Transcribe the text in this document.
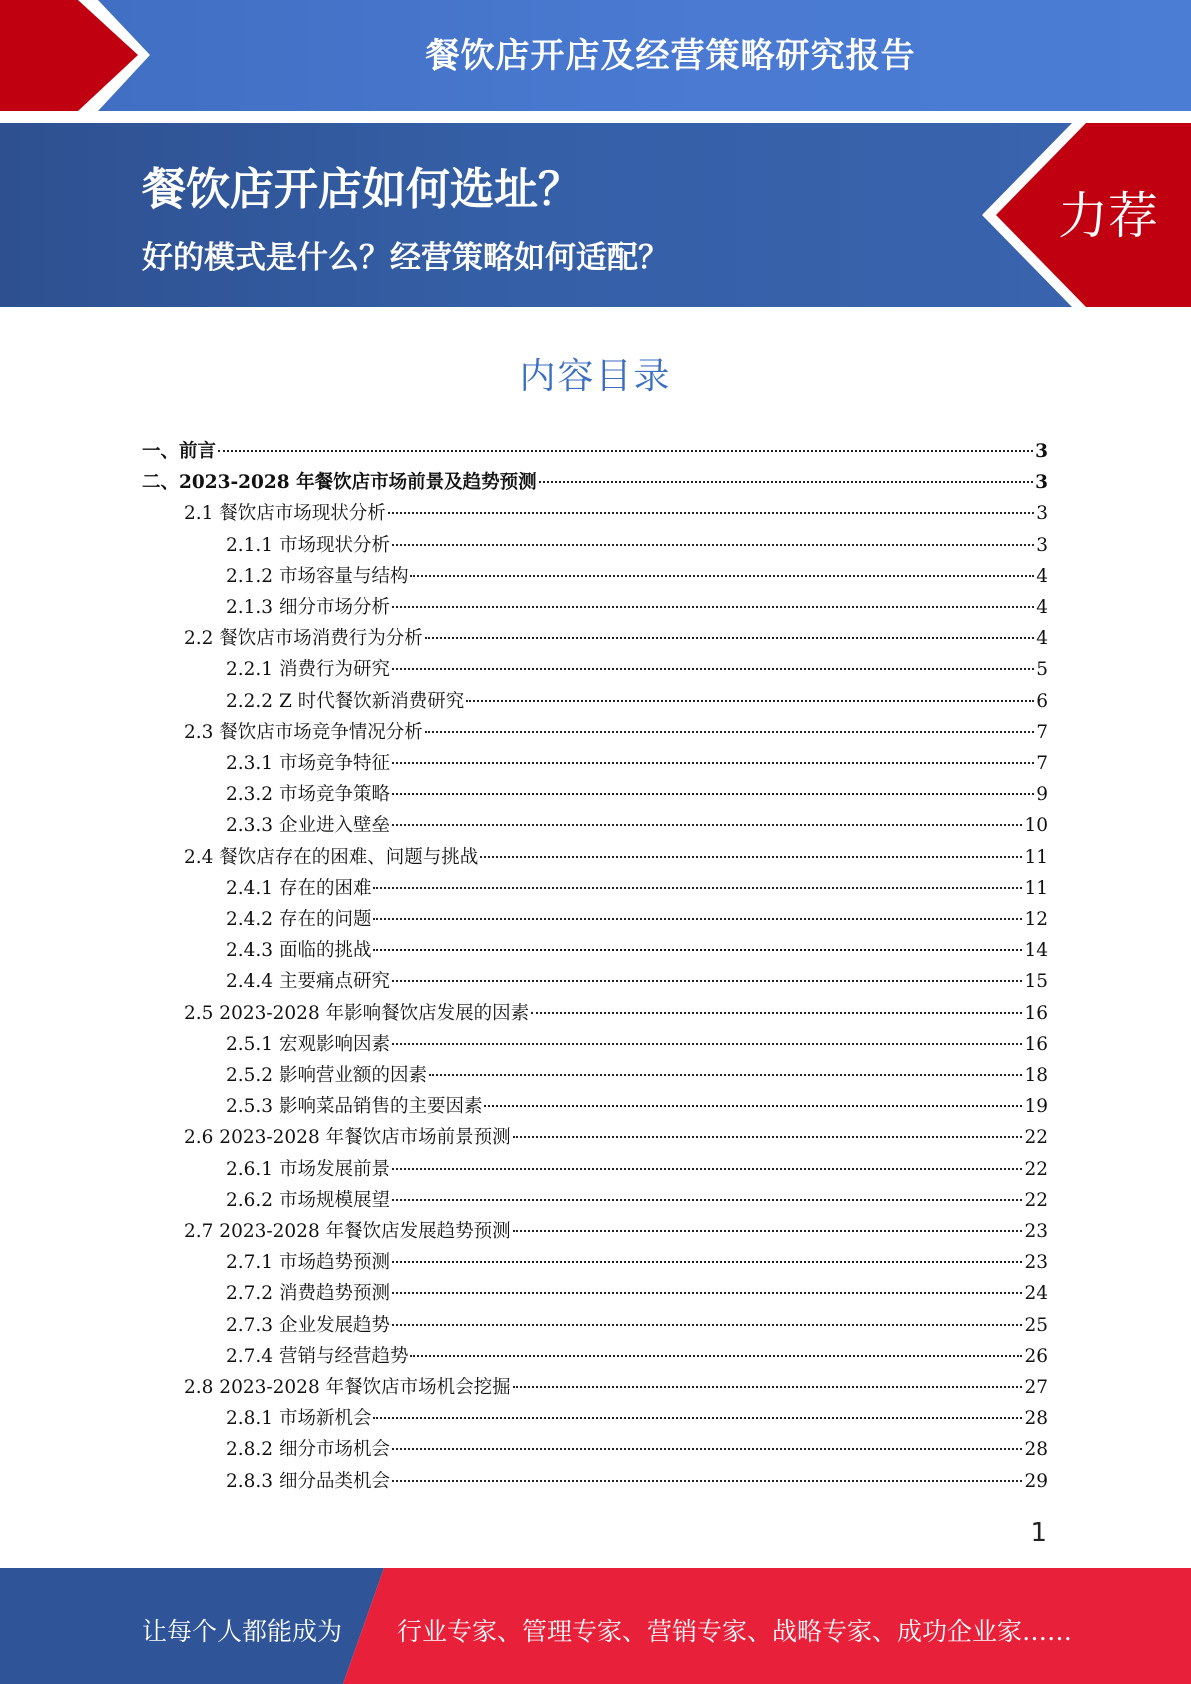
餐饮店开店及经营策略研究报告
餐饮店开店如何选址？
好的模式是什么？经营策略如何适配？
力荐
内容目录
一、前言	3
二、2023-2028 年餐饮店市场前景及趋势预测	3
2.1 餐饮店市场现状分析	3
2.1.1 市场现状分析	3
2.1.2 市场容量与结构	4
2.1.3 细分市场分析	4
2.2 餐饮店市场消费行为分析	4
2.2.1 消费行为研究	5
2.2.2 Z 时代餐饮新消费研究	6
2.3 餐饮店市场竞争情况分析	7
2.3.1 市场竞争特征	7
2.3.2 市场竞争策略	9
2.3.3 企业进入壁垒	10
2.4 餐饮店存在的困难、问题与挑战	11
2.4.1 存在的困难	11
2.4.2 存在的问题	12
2.4.3 面临的挑战	14
2.4.4 主要痛点研究	15
2.5 2023-2028 年影响餐饮店发展的因素	16
2.5.1 宏观影响因素	16
2.5.2 影响营业额的因素	18
2.5.3 影响菜品销售的主要因素	19
2.6 2023-2028 年餐饮店市场前景预测	22
2.6.1 市场发展前景	22
2.6.2 市场规模展望	22
2.7 2023-2028 年餐饮店发展趋势预测	23
2.7.1 市场趋势预测	23
2.7.2 消费趋势预测	24
2.7.3 企业发展趋势	25
2.7.4 营销与经营趋势	26
2.8 2023-2028 年餐饮店市场机会挖掘	27
2.8.1 市场新机会	28
2.8.2 细分市场机会	28
2.8.3 细分品类机会	29
1
让每个人都能成为 行业专家、管理专家、营销专家、战略专家、成功企业家……
